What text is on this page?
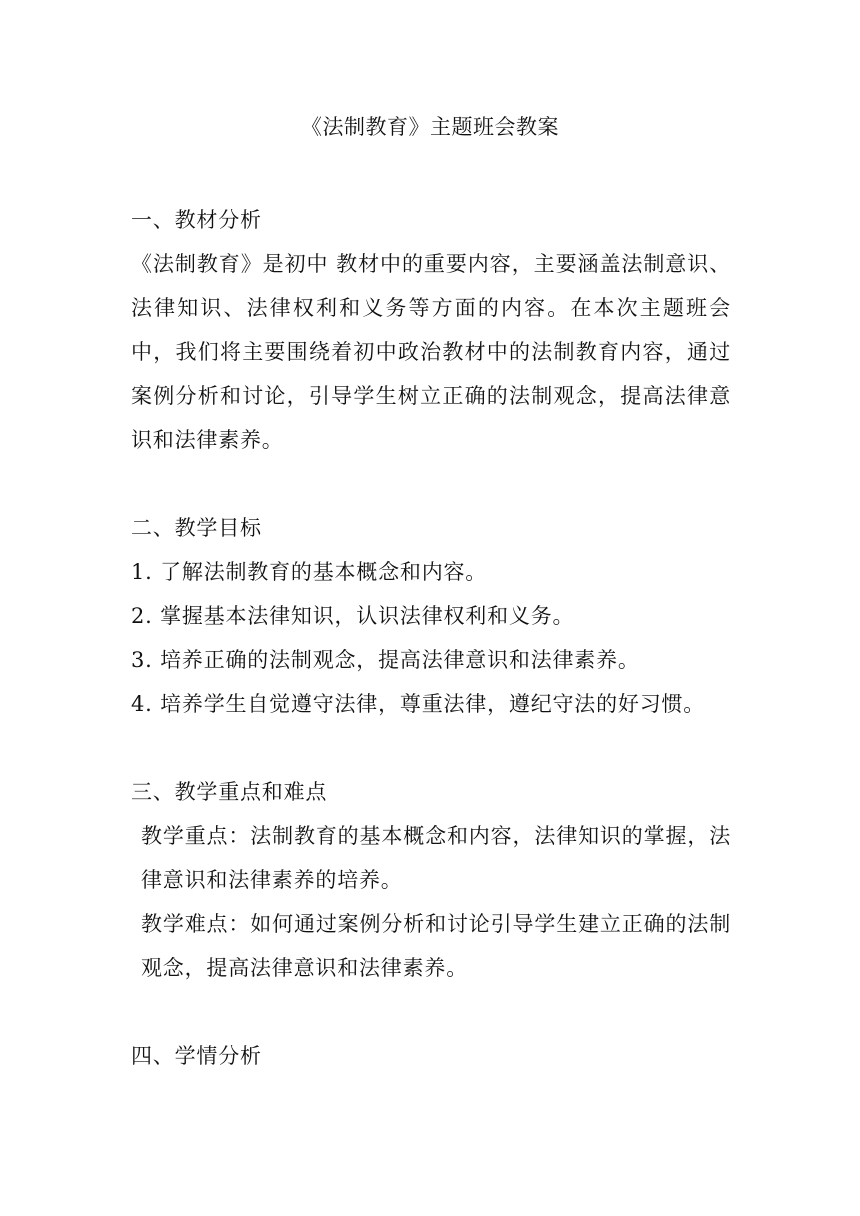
《法制教育》主题班会教案

一、教材分析

《法制教育》是初中 教材中的重要内容，主要涵盖法制意识、法律知识、法律权利和义务等方面的内容。在本次主题班会中，我们将主要围绕着初中政治教材中的法制教育内容，通过案例分析和讨论，引导学生树立正确的法制观念，提高法律意识和法律素养。

二、教学目标

1. 了解法制教育的基本概念和内容。

2. 掌握基本法律知识，认识法律权利和义务。

3. 培养正确的法制观念，提高法律意识和法律素养。

4. 培养学生自觉遵守法律，尊重法律，遵纪守法的好习惯。

三、教学重点和难点

教学重点：法制教育的基本概念和内容，法律知识的掌握，法律意识和法律素养的培养。

教学难点：如何通过案例分析和讨论引导学生建立正确的法制观念，提高法律意识和法律素养。

四、学情分析
